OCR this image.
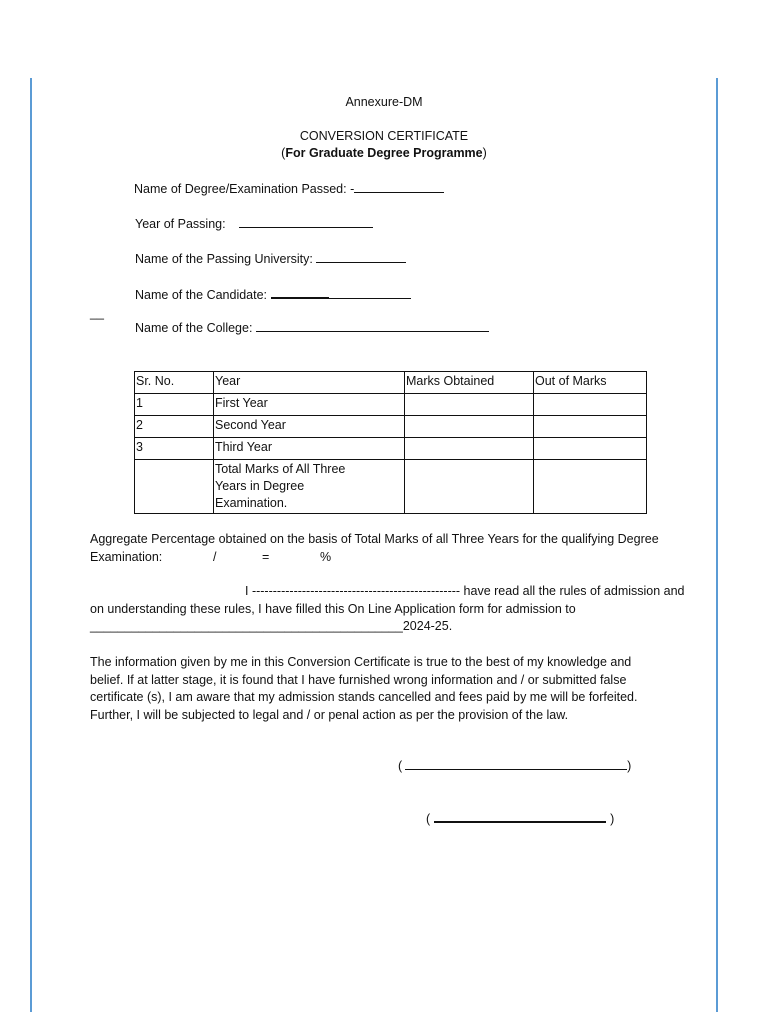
Annexure-DM
CONVERSION CERTIFICATE
(For Graduate Degree Programme)
Name of Degree/Examination Passed: -
Year of Passing:
Name of the Passing University:
Name of the Candidate:
__
Name of the College:
Sr. No.	Year	Marks Obtained	Out of Marks
1	First Year		
2	Second Year		
3	Third Year		

	Total Marks of All Three
Years in Degree
Examination.		

Aggregate Percentage obtained on the basis of Total Marks of all Three Years for the qualifying Degree
Examination:	/	=	%
I -------------------------------------------------- have read all the rules of admission and
on understanding these rules, I have filled this On Line Application form for admission to
_____________________________________________2024-25.
The information given by me in this Conversion Certificate is true to the best of my knowledge and
belief. If at latter stage, it is found that I have furnished wrong information and / or submitted false
certificate (s), I am aware that my admission stands cancelled and fees paid by me will be forfeited.
Further, I will be subjected to legal and / or penal action as per the provision of the law.
(	)
(	)
